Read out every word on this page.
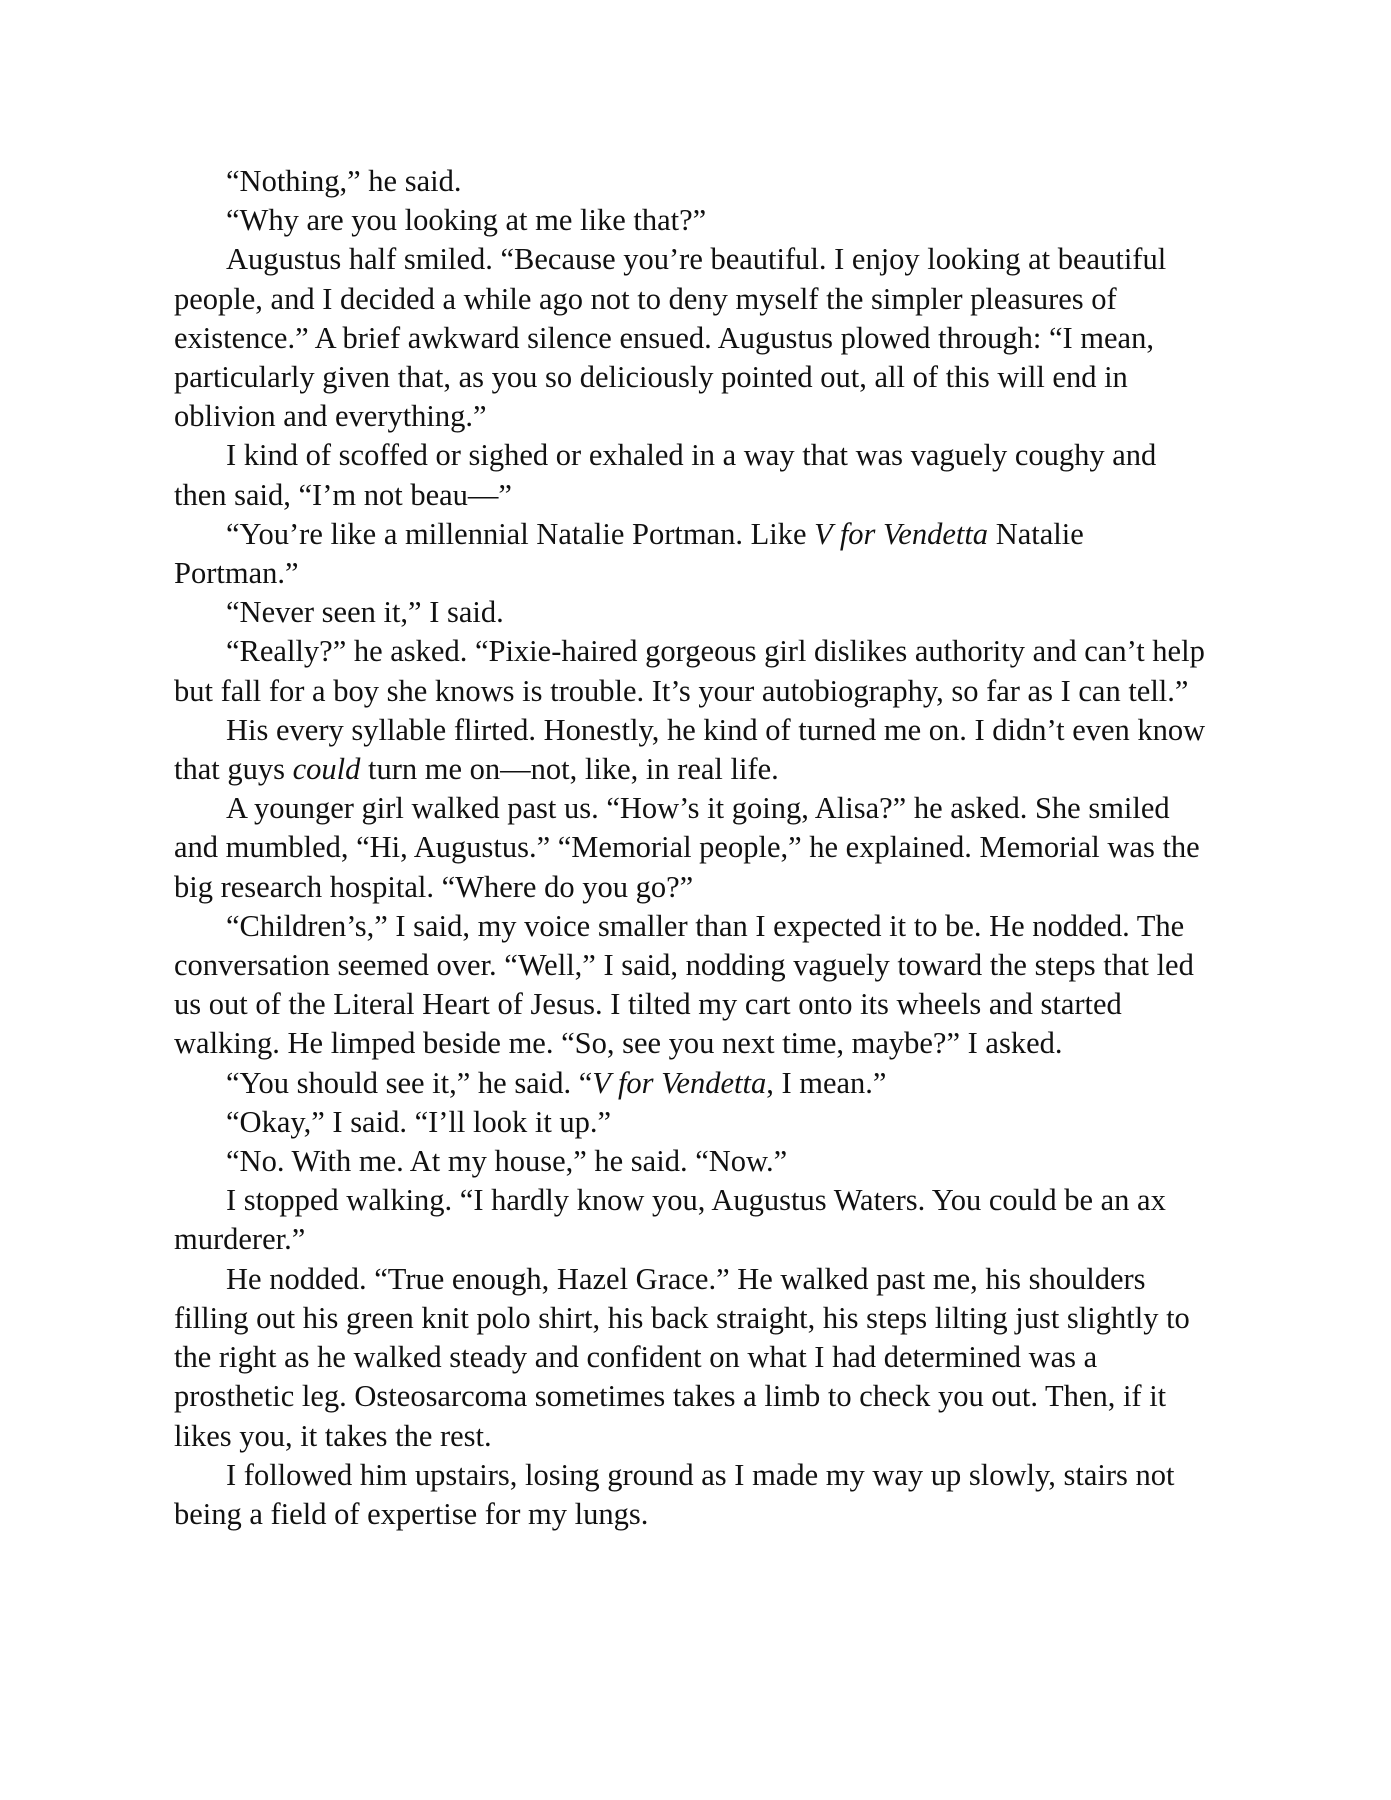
“Nothing,” he said.

“Why are you looking at me like that?”

Augustus half smiled. “Because you’re beautiful. I enjoy looking at beautiful people, and I decided a while ago not to deny myself the simpler pleasures of existence.” A brief awkward silence ensued. Augustus plowed through: “I mean, particularly given that, as you so deliciously pointed out, all of this will end in oblivion and everything.”

I kind of scoffed or sighed or exhaled in a way that was vaguely coughy and then said, “I’m not beau—”

“You’re like a millennial Natalie Portman. Like V for Vendetta Natalie Portman.”

“Never seen it,” I said.

“Really?” he asked. “Pixie-haired gorgeous girl dislikes authority and can’t help but fall for a boy she knows is trouble. It’s your autobiography, so far as I can tell.”

His every syllable flirted. Honestly, he kind of turned me on. I didn’t even know that guys could turn me on—not, like, in real life.

A younger girl walked past us. “How’s it going, Alisa?” he asked. She smiled and mumbled, “Hi, Augustus.” “Memorial people,” he explained. Memorial was the big research hospital. “Where do you go?”

“Children’s,” I said, my voice smaller than I expected it to be. He nodded. The conversation seemed over. “Well,” I said, nodding vaguely toward the steps that led us out of the Literal Heart of Jesus. I tilted my cart onto its wheels and started walking. He limped beside me. “So, see you next time, maybe?” I asked.

“You should see it,” he said. “V for Vendetta, I mean.”

“Okay,” I said. “I’ll look it up.”

“No. With me. At my house,” he said. “Now.”

I stopped walking. “I hardly know you, Augustus Waters. You could be an ax murderer.”

He nodded. “True enough, Hazel Grace.” He walked past me, his shoulders filling out his green knit polo shirt, his back straight, his steps lilting just slightly to the right as he walked steady and confident on what I had determined was a prosthetic leg. Osteosarcoma sometimes takes a limb to check you out. Then, if it likes you, it takes the rest.

I followed him upstairs, losing ground as I made my way up slowly, stairs not being a field of expertise for my lungs.
